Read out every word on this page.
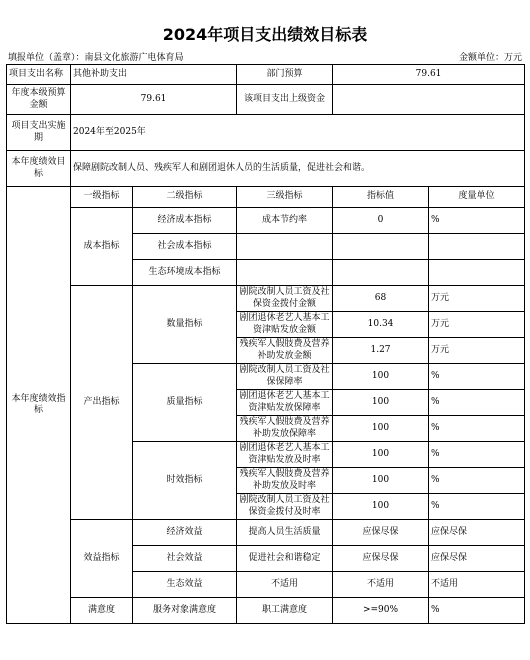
2024年项目支出绩效目标表
填报单位（盖章）：南县文化旅游广电体育局	金额单位：万元
项目支出名称	其他补助支出		部门预算	79.61	
年度本级预算金额	79.61		该项目支出上级资金		
项目支出实施期	2024年至2025年				
本年度绩效目标	保障剧院改制人员、残疾军人和剧团退休人员的生活质量，促进社会和谐。				
本年度绩效指标	一级指标	二级指标	三级指标	指标值	度量单位
	成本指标	经济成本指标	成本节约率	0	%
		社会成本指标			
		生态环境成本指标			
	产出指标	数量指标	剧院改制人员工资及社保资金拨付金额	68	万元
			剧团退休老艺人基本工资津贴发放金额	10.34	万元
			残疾军人假肢费及营养补助发放金额	1.27	万元
		质量指标	剧院改制人员工资及社保保障率	100	%
			剧团退休老艺人基本工资津贴发放保障率	100	%
			残疾军人假肢费及营养补助发放保障率	100	%
		时效指标	剧团退休老艺人基本工资津贴发放及时率	100	%
			残疾军人假肢费及营养补助发放及时率	100	%
			剧院改制人员工资及社保资金拨付及时率	100	%
	效益指标	经济效益	提高人员生活质量	应保尽保	应保尽保
		社会效益	促进社会和谐稳定	应保尽保	应保尽保
		生态效益	不适用	不适用	不适用
	满意度	服务对象满意度	职工满意度	>=90%	%
